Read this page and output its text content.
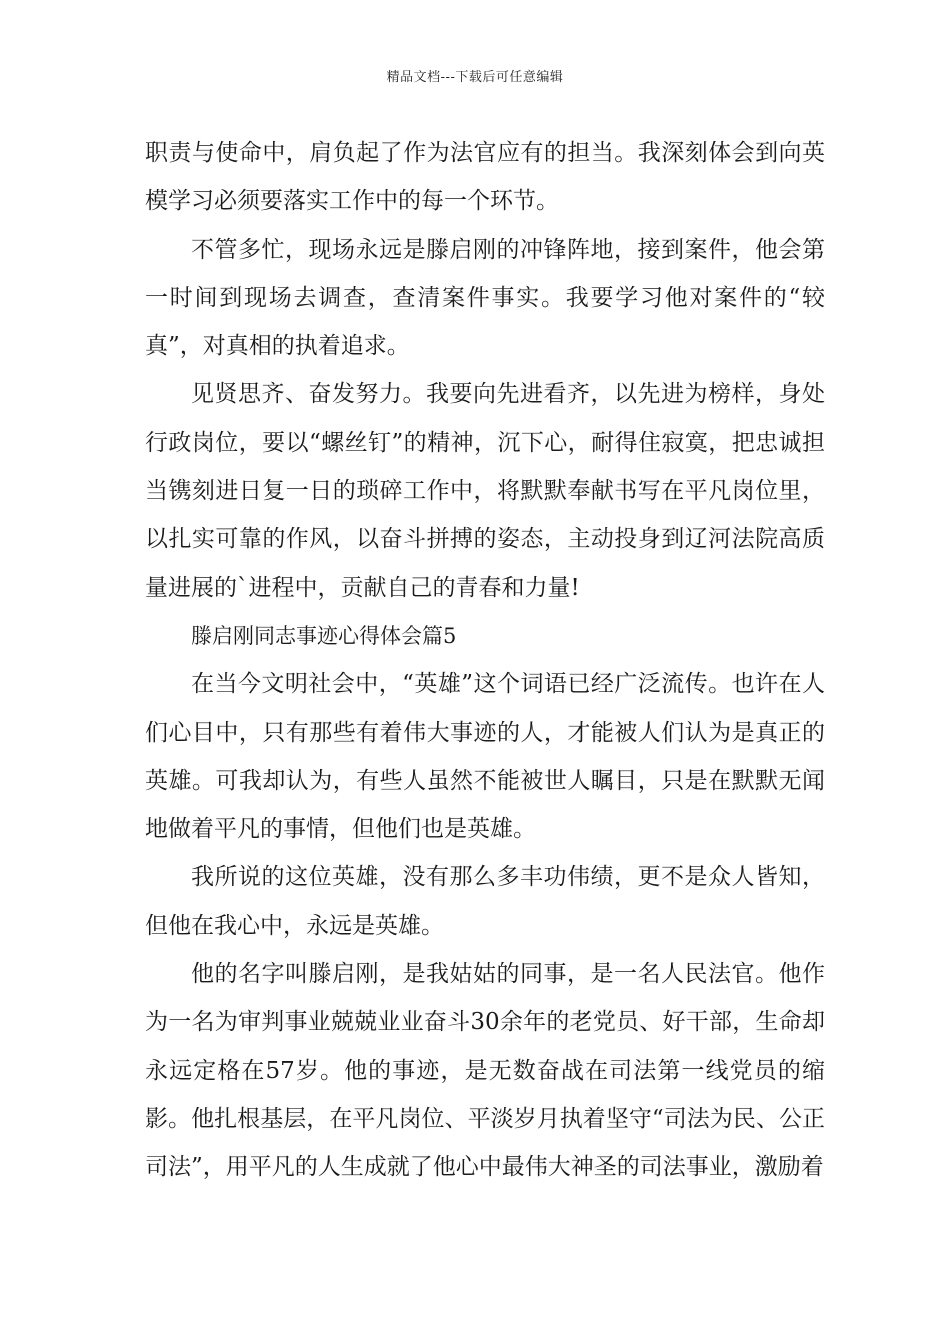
精品文档---下载后可任意编辑

职责与使命中，肩负起了作为法官应有的担当。我深刻体会到向英模学习必须要落实工作中的每一个环节。

不管多忙，现场永远是滕启刚的冲锋阵地，接到案件，他会第一时间到现场去调查，查清案件事实。我要学习他对案件的“较真”，对真相的执着追求。

见贤思齐、奋发努力。我要向先进看齐，以先进为榜样，身处行政岗位，要以“螺丝钉”的精神，沉下心，耐得住寂寞，把忠诚担当镌刻进日复一日的琐碎工作中，将默默奉献书写在平凡岗位里，以扎实可靠的作风，以奋斗拼搏的姿态，主动投身到辽河法院高质量进展的`进程中，贡献自己的青春和力量!

滕启刚同志事迹心得体会篇5

在当今文明社会中，“英雄”这个词语已经广泛流传。也许在人们心目中，只有那些有着伟大事迹的人，才能被人们认为是真正的英雄。可我却认为，有些人虽然不能被世人瞩目，只是在默默无闻地做着平凡的事情，但他们也是英雄。

我所说的这位英雄，没有那么多丰功伟绩，更不是众人皆知，但他在我心中，永远是英雄。

他的名字叫滕启刚，是我姑姑的同事，是一名人民法官。他作为一名为审判事业兢兢业业奋斗30余年的老党员、好干部，生命却永远定格在57岁。他的事迹，是无数奋战在司法第一线党员的缩影。他扎根基层，在平凡岗位、平淡岁月执着坚守“司法为民、公正司法”，用平凡的人生成就了他心中最伟大神圣的司法事业，激励着
